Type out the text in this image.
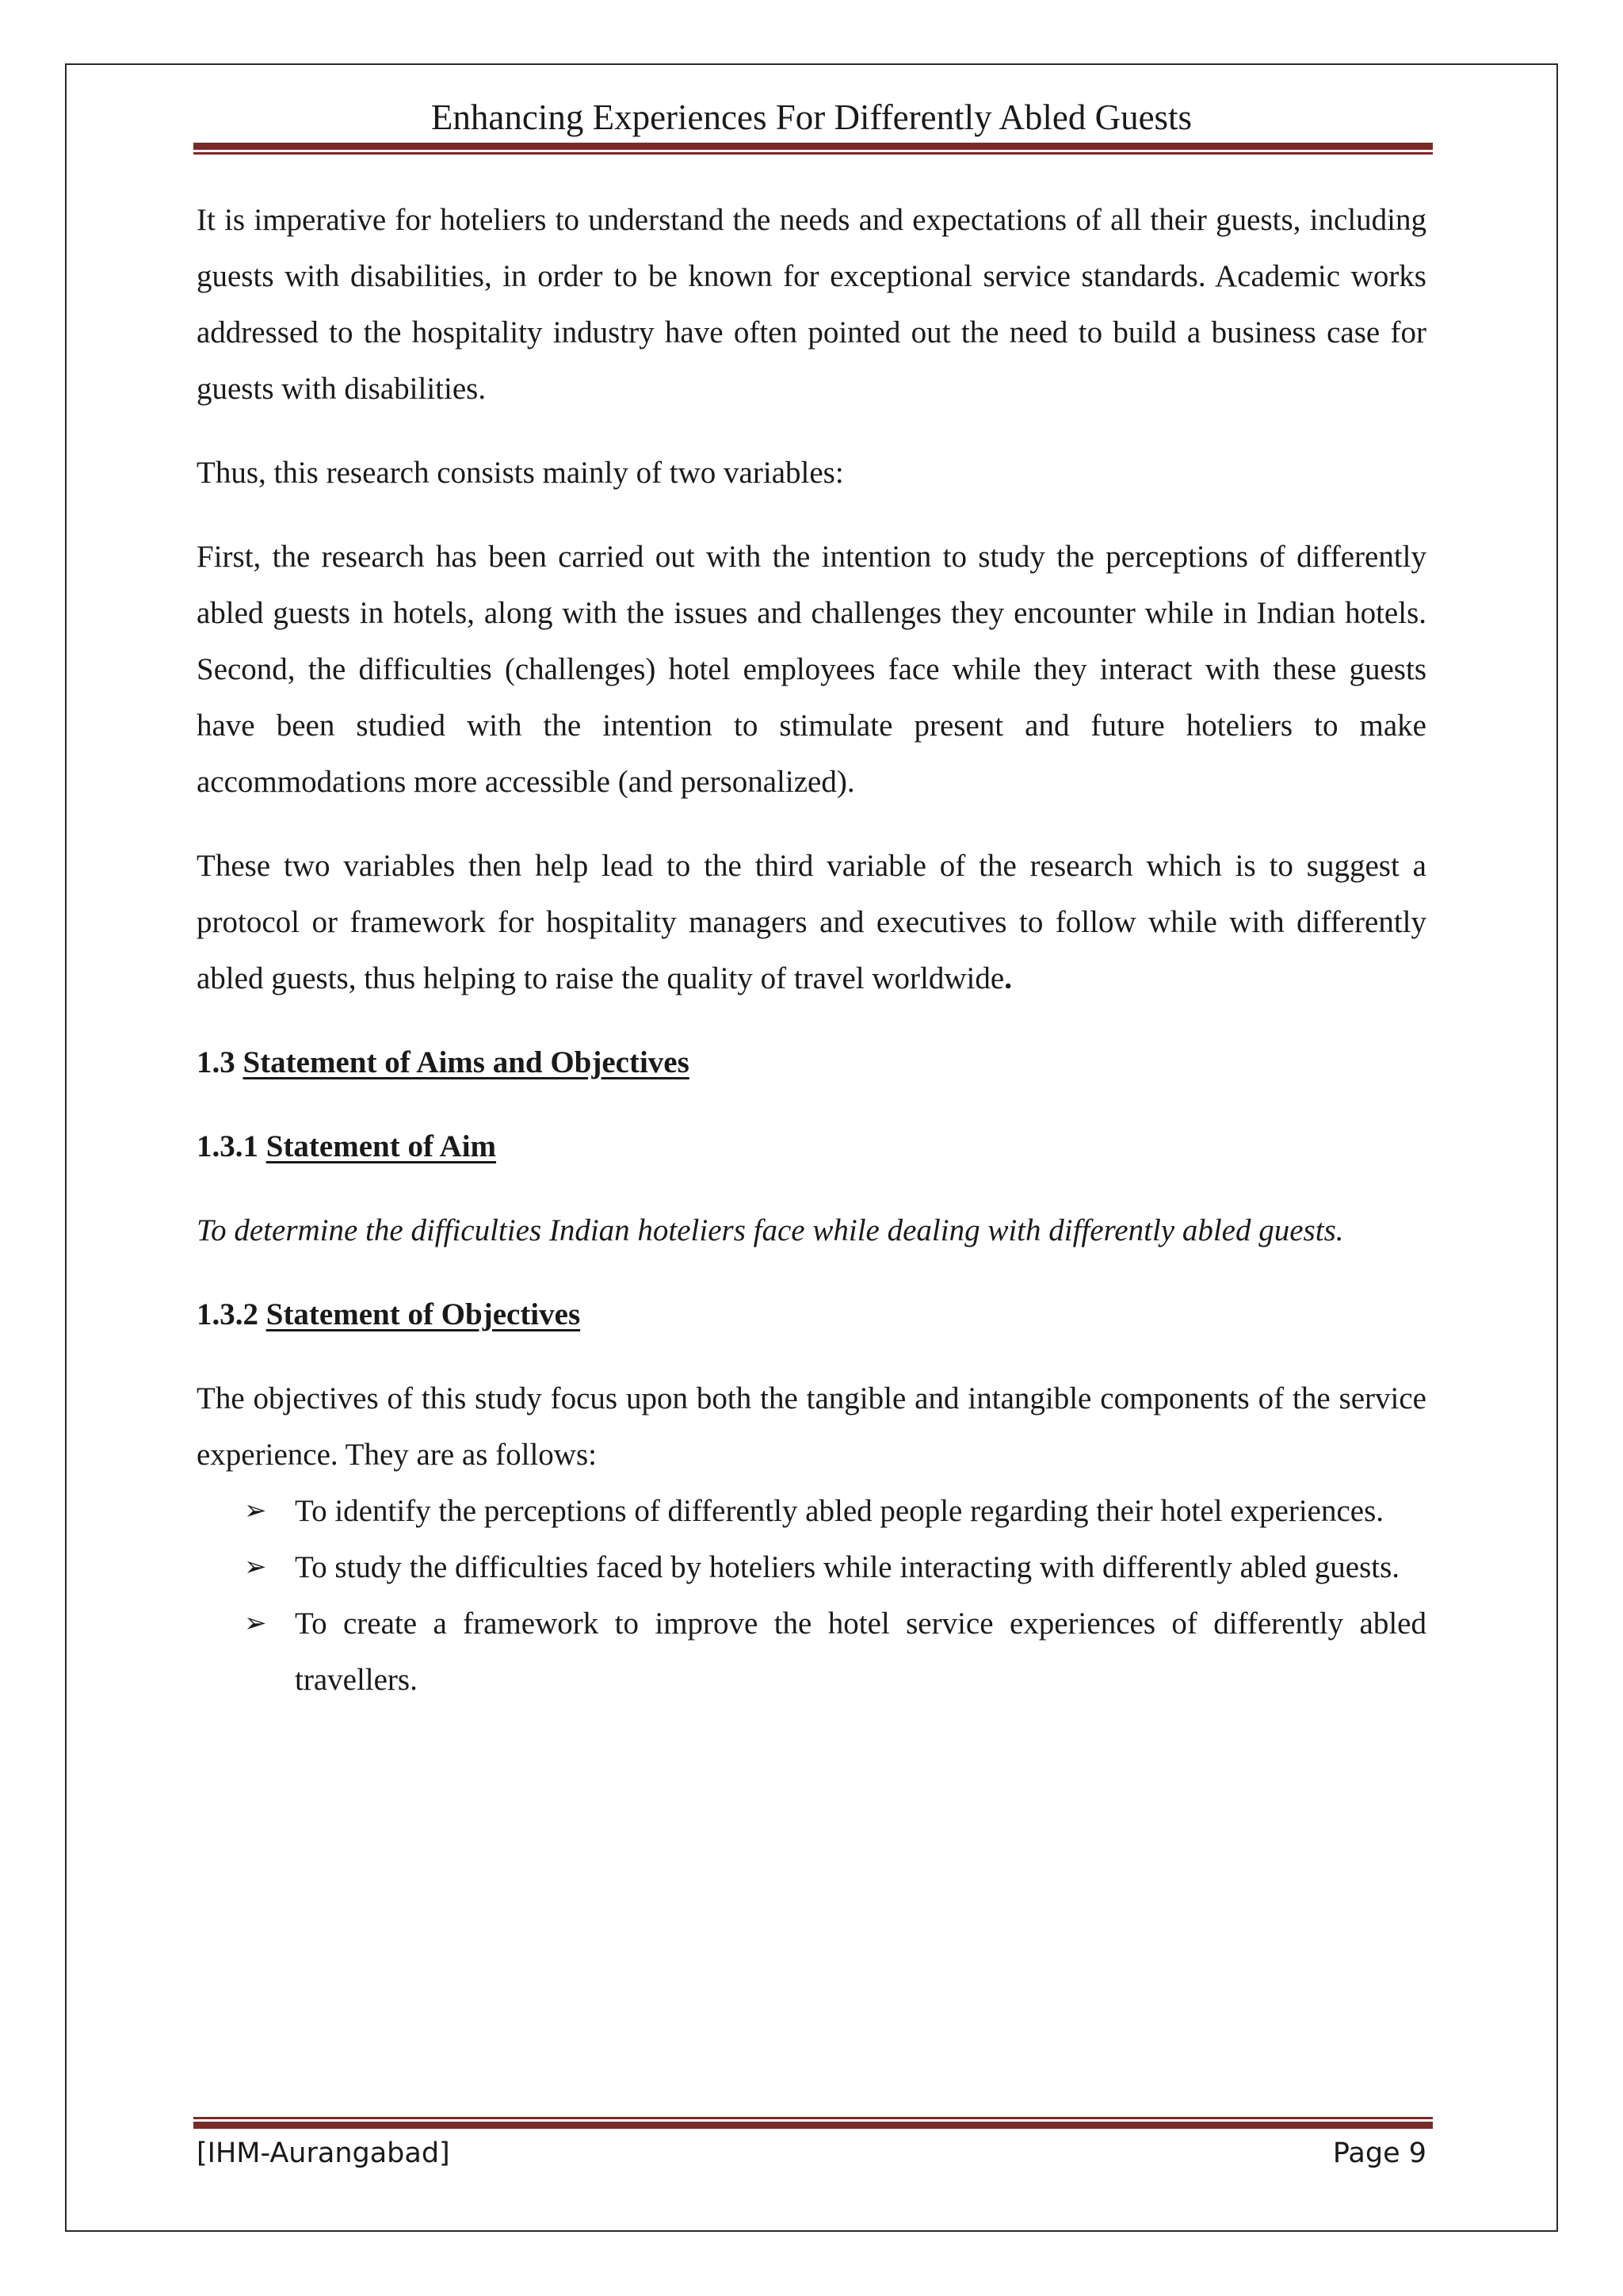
Enhancing Experiences For Differently Abled Guests

It is imperative for hoteliers to understand the needs and expectations of all their guests, including guests with disabilities, in order to be known for exceptional service standards. Academic works addressed to the hospitality industry have often pointed out the need to build a business case for guests with disabilities.

Thus, this research consists mainly of two variables:

First, the research has been carried out with the intention to study the perceptions of differently abled guests in hotels, along with the issues and challenges they encounter while in Indian hotels. Second, the difficulties (challenges) hotel employees face while they interact with these guests have been studied with the intention to stimulate present and future hoteliers to make accommodations more accessible (and personalized).

These two variables then help lead to the third variable of the research which is to suggest a protocol or framework for hospitality managers and executives to follow while with differently abled guests, thus helping to raise the quality of travel worldwide.

1.3 Statement of Aims and Objectives
1.3.1 Statement of Aim

To determine the difficulties Indian hoteliers face while dealing with differently abled guests.

1.3.2 Statement of Objectives

The objectives of this study focus upon both the tangible and intangible components of the service experience. They are as follows:

➢ To identify the perceptions of differently abled people regarding their hotel experiences.
➢ To study the difficulties faced by hoteliers while interacting with differently abled guests.
➢ To create a framework to improve the hotel service experiences of differently abled travellers.
[IHM-Aurangabad]	Page 9
